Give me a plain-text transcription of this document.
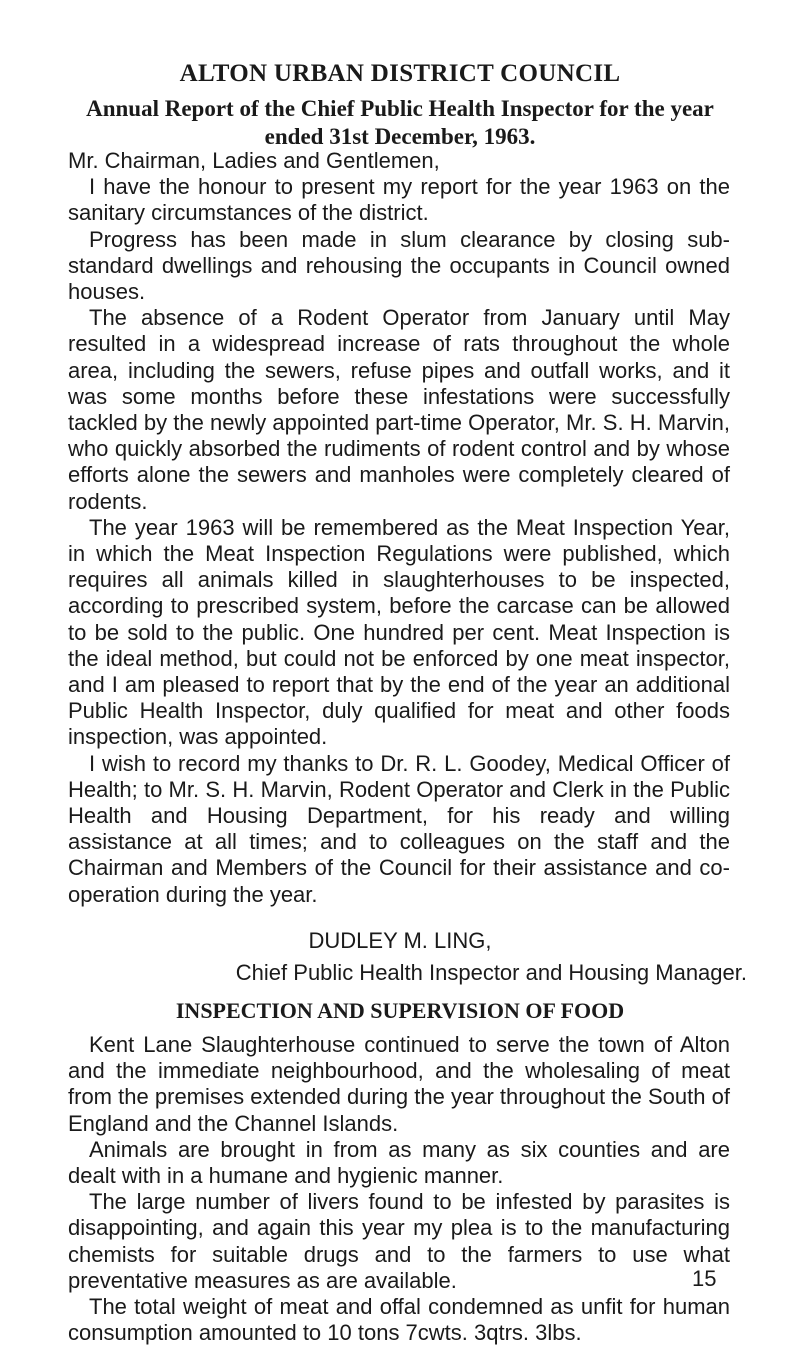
ALTON URBAN DISTRICT COUNCIL
Annual Report of the Chief Public Health Inspector for the year
ended 31st December, 1963.

Mr. Chairman, Ladies and Gentlemen,

I have the honour to present my report for the year 1963 on the sanitary circumstances of the district.

Progress has been made in slum clearance by closing sub-standard dwellings and rehousing the occupants in Council owned houses.

The absence of a Rodent Operator from January until May resulted in a widespread increase of rats throughout the whole area, including the sewers, refuse pipes and outfall works, and it was some months before these infestations were successfully tackled by the newly appointed part-time Operator, Mr. S. H. Marvin, who quickly absorbed the rudiments of rodent control and by whose efforts alone the sewers and manholes were completely cleared of rodents.

The year 1963 will be remembered as the Meat Inspection Year, in which the Meat Inspection Regulations were published, which requires all animals killed in slaughterhouses to be inspected, according to prescribed system, before the carcase can be allowed to be sold to the public. One hundred per cent. Meat Inspection is the ideal method, but could not be enforced by one meat inspector, and I am pleased to report that by the end of the year an additional Public Health Inspector, duly qualified for meat and other foods inspection, was appointed.

I wish to record my thanks to Dr. R. L. Goodey, Medical Officer of Health; to Mr. S. H. Marvin, Rodent Operator and Clerk in the Public Health and Housing Department, for his ready and willing assistance at all times; and to colleagues on the staff and the Chairman and Members of the Council for their assistance and co-operation during the year.

DUDLEY M. LING,
Chief Public Health Inspector and Housing Manager.
INSPECTION AND SUPERVISION OF FOOD

Kent Lane Slaughterhouse continued to serve the town of Alton and the immediate neighbourhood, and the wholesaling of meat from the premises extended during the year throughout the South of England and the Channel Islands.

Animals are brought in from as many as six counties and are dealt with in a humane and hygienic manner.

The large number of livers found to be infested by parasites is disappointing, and again this year my plea is to the manufacturing chemists for suitable drugs and to the farmers to use what preventative measures as are available.

The total weight of meat and offal condemned as unfit for human consumption amounted to 10 tons 7cwts. 3qtrs. 3lbs.

15
